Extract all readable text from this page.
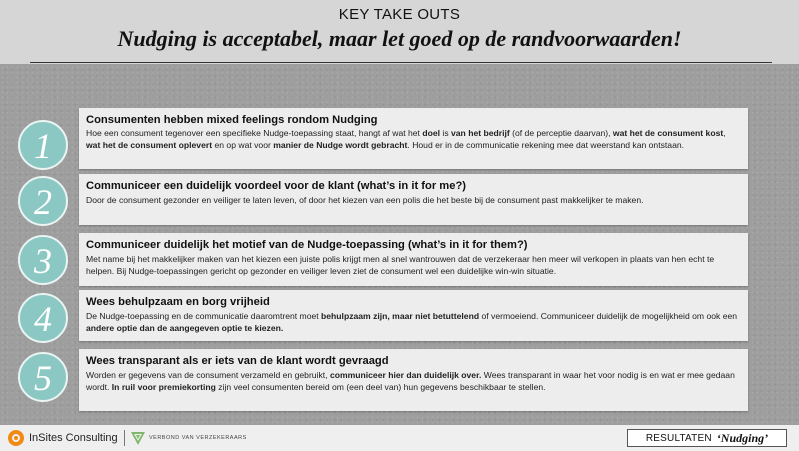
KEY TAKE OUTS
Nudging is acceptabel, maar let goed op de randvoorwaarden!
1
Consumenten hebben mixed feelings rondom Nudging
Hoe een consument tegenover een specifieke Nudge-toepassing staat, hangt af wat het doel is van het bedrijf (of de perceptie daarvan), wat het de consument kost, wat het de consument oplevert en op wat voor manier de Nudge wordt gebracht. Houd er in de communicatie rekening mee dat weerstand kan ontstaan.
2	Communiceer een duidelijk voordeel voor de klant (what’s in it for me?)
Door de consument gezonder en veiliger te laten leven, of door het kiezen van een polis die het beste bij de consument past makkelijker te maken.
3	Communiceer duidelijk het motief van de Nudge-toepassing (what’s in it for them?)
Met name bij het makkelijker maken van het kiezen een juiste polis krijgt men al snel wantrouwen dat de verzekeraar hen meer wil verkopen in plaats van hen echt te helpen. Bij Nudge-toepassingen gericht op gezonder en veiliger leven ziet de consument wel een duidelijke win-win situatie.
4	Wees behulpzaam en borg vrijheid
De Nudge-toepassing en de communicatie daaromtrent moet behulpzaam zijn, maar niet betuttelend of vermoeiend. Communiceer duidelijk de mogelijkheid om ook een andere optie dan de aangegeven optie te kiezen.
5	Wees transparant als er iets van de klant wordt gevraagd
Worden er gegevens van de consument verzameld en gebruikt, communiceer hier dan duidelijk over. Wees transparant in waar het voor nodig is en wat er mee gedaan wordt. In ruil voor premiekorting zijn veel consumenten bereid om (een deel van) hun gegevens beschikbaar te stellen.
InSites Consulting	VERBOND VAN VERZEKERAARS	RESULTATEN ‘Nudging’
